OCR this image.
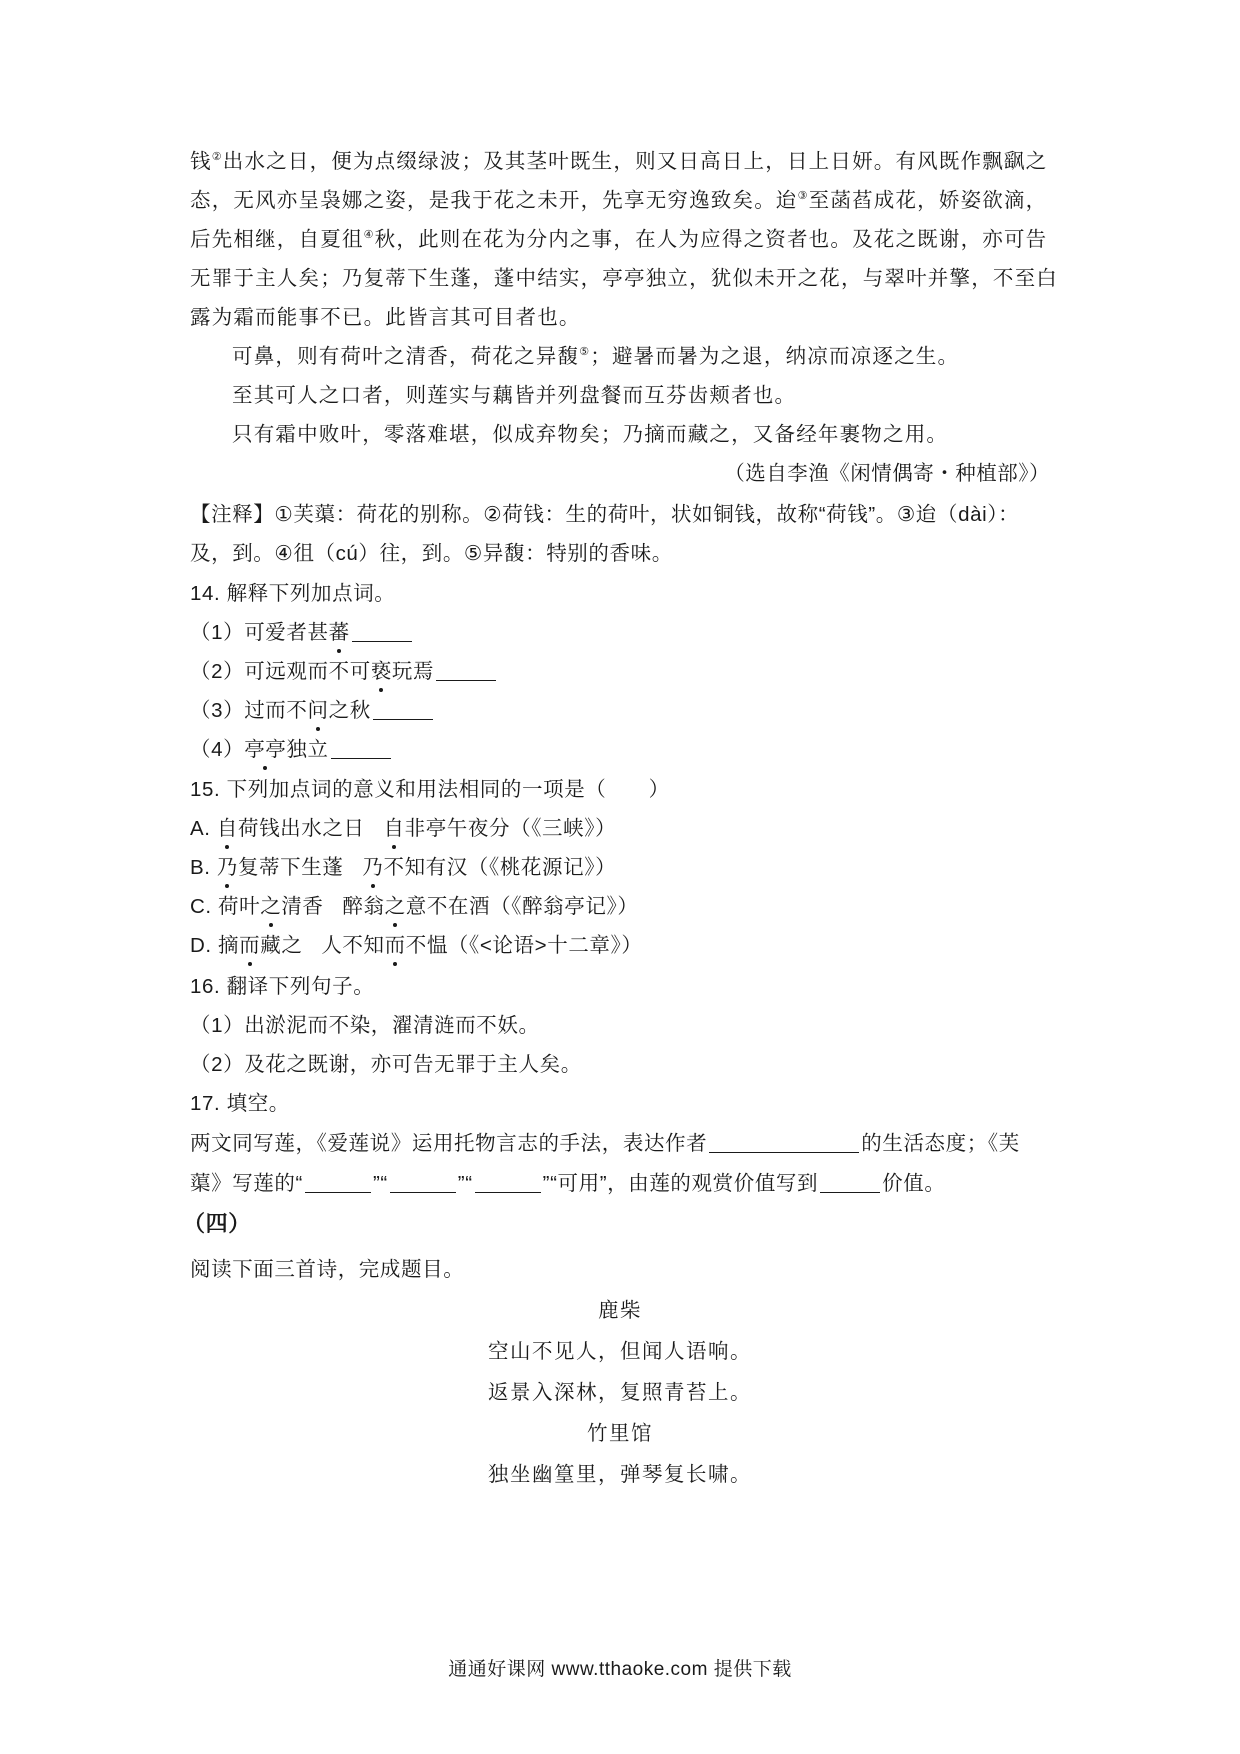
钱②出水之日，便为点缀绿波；及其茎叶既生，则又日高日上，日上日妍。有风既作飘飖之
态，无风亦呈袅娜之姿，是我于花之未开，先享无穷逸致矣。迨③至菡萏成花，娇姿欲滴，
后先相继，自夏徂④秋，此则在花为分内之事，在人为应得之资者也。及花之既谢，亦可告
无罪于主人矣；乃复蒂下生蓬，蓬中结实，亭亭独立，犹似未开之花，与翠叶并擎，不至白
露为霜而能事不已。此皆言其可目者也。
可鼻，则有荷叶之清香，荷花之异馥⑤；避暑而暑为之退，纳凉而凉逐之生。
至其可人之口者，则莲实与藕皆并列盘餐而互芬齿颊者也。
只有霜中败叶，零落难堪，似成弃物矣；乃摘而藏之，又备经年裹物之用。
（选自李渔《闲情偶寄・种植部》）
【注释】①芙蕖：荷花的别称。②荷钱：生的荷叶，状如铜钱，故称“荷钱”。③迨（dài）：
及，到。④徂（cú）往，到。⑤异馥：特别的香味。
14. 解释下列加点词。
（1）可爱者甚蕃
（2）可远观而不可亵玩焉
（3）过而不问之秋
（4）亭亭独立
15. 下列加点词的意义和用法相同的一项是（　　）
A. 自荷钱出水之日 自非亭午夜分（《三峡》）
B. 乃复蒂下生蓬 乃不知有汉（《桃花源记》）
C. 荷叶之清香 醉翁之意不在酒（《醉翁亭记》）
D. 摘而藏之 人不知而不愠（《<论语>十二章》）
16. 翻译下列句子。
（1）出淤泥而不染，濯清涟而不妖。
（2）及花之既谢，亦可告无罪于主人矣。
17. 填空。
两文同写莲，《爱莲说》运用托物言志的手法，表达作者	的生活态度；《芙
蕖》写莲的“	”“	”“	”“可用”，由莲的观赏价值写到	价值。
（四）
阅读下面三首诗，完成题目。
鹿柴
空山不见人，但闻人语响。
返景入深林，复照青苔上。
竹里馆
独坐幽篁里，弹琴复长啸。
通通好课网 www.tthaoke.com 提供下载
